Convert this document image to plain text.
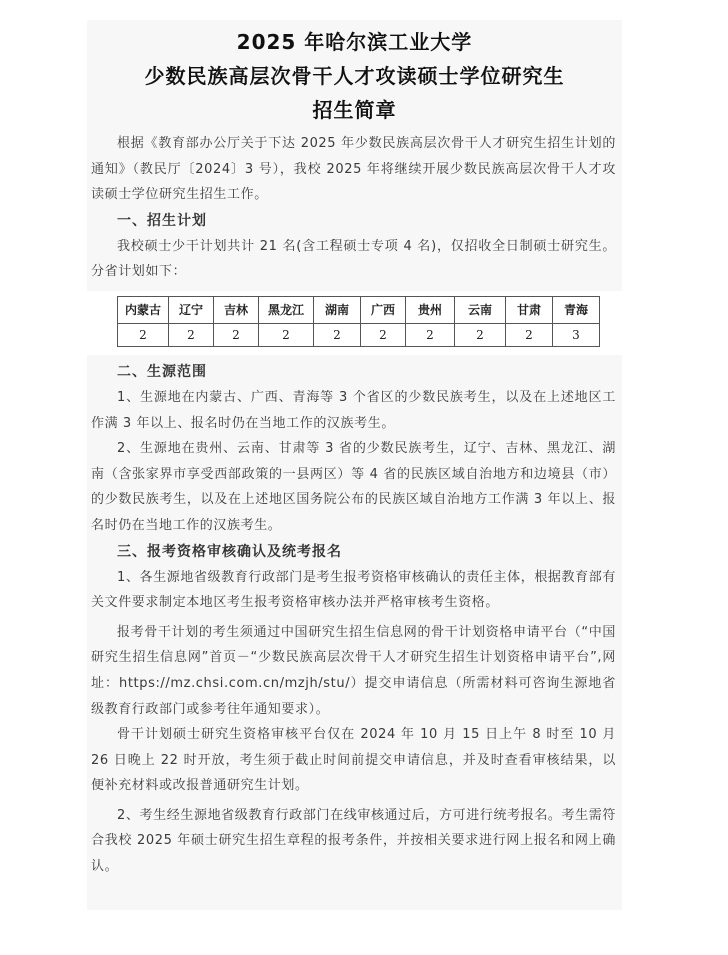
2025 年哈尔滨工业大学

少数民族高层次骨干人才攻读硕士学位研究生

招生简章

根据《教育部办公厅关于下达 2025 年少数民族高层次骨干人才研究生招生计划的通知》（教民厅〔2024〕3 号），我校 2025 年将继续开展少数民族高层次骨干人才攻读硕士学位研究生招生工作。

一、招生计划

我校硕士少干计划共计 21 名(含工程硕士专项 4 名)，仅招收全日制硕士研究生。分省计划如下：

内蒙古	辽宁	吉林	黑龙江	湖南	广西	贵州	云南	甘肃	青海
2	2	2	2	2	2	2	2	2	3

二、生源范围

1、生源地在内蒙古、广西、青海等 3 个省区的少数民族考生，以及在上述地区工作满 3 年以上、报名时仍在当地工作的汉族考生。

2、生源地在贵州、云南、甘肃等 3 省的少数民族考生，辽宁、吉林、黑龙江、湖南（含张家界市享受西部政策的一县两区）等 4 省的民族区域自治地方和边境县（市）的少数民族考生，以及在上述地区国务院公布的民族区域自治地方工作满 3 年以上、报名时仍在当地工作的汉族考生。

三、报考资格审核确认及统考报名

1、各生源地省级教育行政部门是考生报考资格审核确认的责任主体，根据教育部有关文件要求制定本地区考生报考资格审核办法并严格审核考生资格。

报考骨干计划的考生须通过中国研究生招生信息网的骨干计划资格申请平台（“中国研究生招生信息网”首页－“少数民族高层次骨干人才研究生招生计划资格申请平台”,网址：https://mz.chsi.com.cn/mzjh/stu/）提交申请信息（所需材料可咨询生源地省级教育行政部门或参考往年通知要求）。

骨干计划硕士研究生资格审核平台仅在 2024 年 10 月 15 日上午 8 时至 10 月 26 日晚上 22 时开放，考生须于截止时间前提交申请信息，并及时查看审核结果，以便补充材料或改报普通研究生计划。

2、考生经生源地省级教育行政部门在线审核通过后，方可进行统考报名。考生需符合我校 2025 年硕士研究生招生章程的报考条件，并按相关要求进行网上报名和网上确认。
